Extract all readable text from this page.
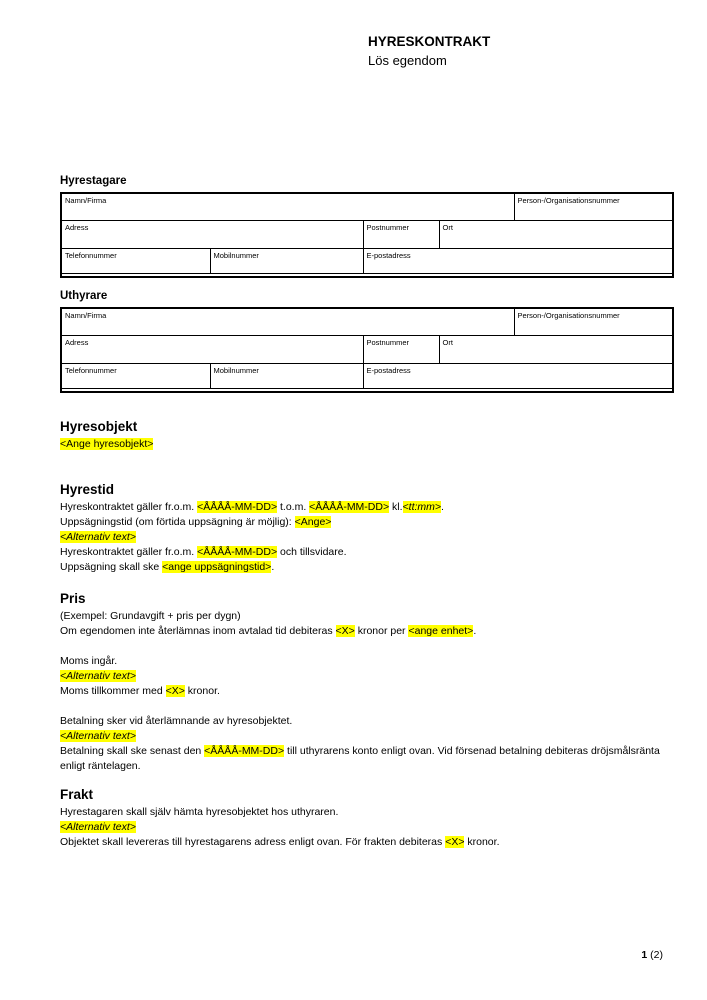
HYRESKONTRAKT
Lös egendom
Hyrestagare
Namn/Firma				Person-/Organisationsnummer

Adress		Postnummer	Ort	

Telefonnummer	Mobilnummer	E-postadress		

Uthyrare
Namn/Firma				Person-/Organisationsnummer

Adress		Postnummer	Ort	

Telefonnummer	Mobilnummer	E-postadress		

Hyresobjekt
<Ange hyresobjekt>
Hyrestid
Hyreskontraktet gäller fr.o.m. <ÅÅÅÅ-MM-DD> t.o.m. <ÅÅÅÅ-MM-DD> kl.<tt:mm>.
Uppsägningstid (om förtida uppsägning är möjlig): <Ange>
<Alternativ text>
Hyreskontraktet gäller fr.o.m. <ÅÅÅÅ-MM-DD> och tillsvidare.
Uppsägning skall ske <ange uppsägningstid>.
Pris
(Exempel: Grundavgift + pris per dygn)
Om egendomen inte återlämnas inom avtalad tid debiteras <X> kronor per <ange enhet>.

Moms ingår.
<Alternativ text>
Moms tillkommer med <X> kronor.

Betalning sker vid återlämnande av hyresobjektet.
<Alternativ text>
Betalning skall ske senast den <ÅÅÅÅ-MM-DD> till uthyrarens konto enligt ovan. Vid försenad betalning debiteras dröjsmålsränta enligt räntelagen.
Frakt
Hyrestagaren skall själv hämta hyresobjektet hos uthyraren.
<Alternativ text>
Objektet skall levereras till hyrestagarens adress enligt ovan. För frakten debiteras <X> kronor.
1 (2)
